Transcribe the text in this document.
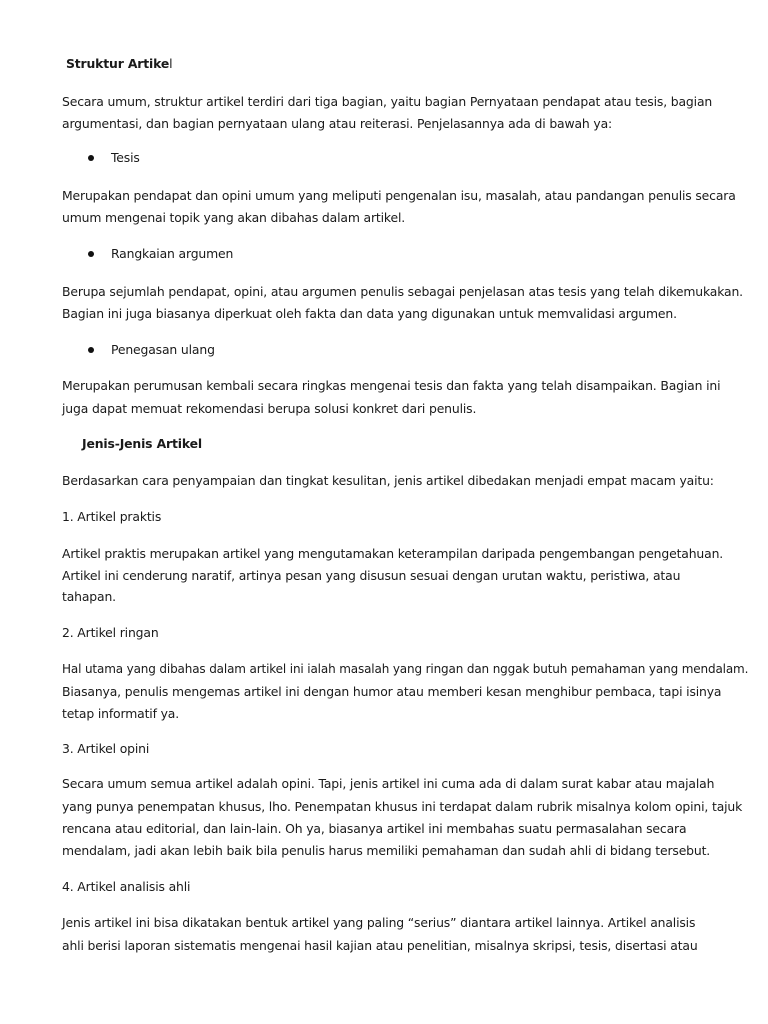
Struktur Artikel
Secara umum, struktur artikel terdiri dari tiga bagian, yaitu bagian Pernyataan pendapat atau tesis, bagian
argumentasi, dan bagian pernyataan ulang atau reiterasi. Penjelasannya ada di bawah ya:
Tesis
Merupakan pendapat dan opini umum yang meliputi pengenalan isu, masalah, atau pandangan penulis secara
umum mengenai topik yang akan dibahas dalam artikel.
Rangkaian argumen
Berupa sejumlah pendapat, opini, atau argumen penulis sebagai penjelasan atas tesis yang telah dikemukakan.
Bagian ini juga biasanya diperkuat oleh fakta dan data yang digunakan untuk memvalidasi argumen.
Penegasan ulang
Merupakan perumusan kembali secara ringkas mengenai tesis dan fakta yang telah disampaikan. Bagian ini
juga dapat memuat rekomendasi berupa solusi konkret dari penulis.
Jenis-Jenis Artikel
Berdasarkan cara penyampaian dan tingkat kesulitan, jenis artikel dibedakan menjadi empat macam yaitu:
1. Artikel praktis
Artikel praktis merupakan artikel yang mengutamakan keterampilan daripada pengembangan pengetahuan.
Artikel ini cenderung naratif, artinya pesan yang disusun sesuai dengan urutan waktu, peristiwa, atau
tahapan.
2. Artikel ringan
Hal utama yang dibahas dalam artikel ini ialah masalah yang ringan dan nggak butuh pemahaman yang mendalam.
Biasanya, penulis mengemas artikel ini dengan humor atau memberi kesan menghibur pembaca, tapi isinya
tetap informatif ya.
3. Artikel opini
Secara umum semua artikel adalah opini. Tapi, jenis artikel ini cuma ada di dalam surat kabar atau majalah
yang punya penempatan khusus, lho. Penempatan khusus ini terdapat dalam rubrik misalnya kolom opini, tajuk
rencana atau editorial, dan lain-lain. Oh ya, biasanya artikel ini membahas suatu permasalahan secara
mendalam, jadi akan lebih baik bila penulis harus memiliki pemahaman dan sudah ahli di bidang tersebut.
4. Artikel analisis ahli
Jenis artikel ini bisa dikatakan bentuk artikel yang paling “serius” diantara artikel lainnya. Artikel analisis
ahli berisi laporan sistematis mengenai hasil kajian atau penelitian, misalnya skripsi, tesis, disertasi atau
